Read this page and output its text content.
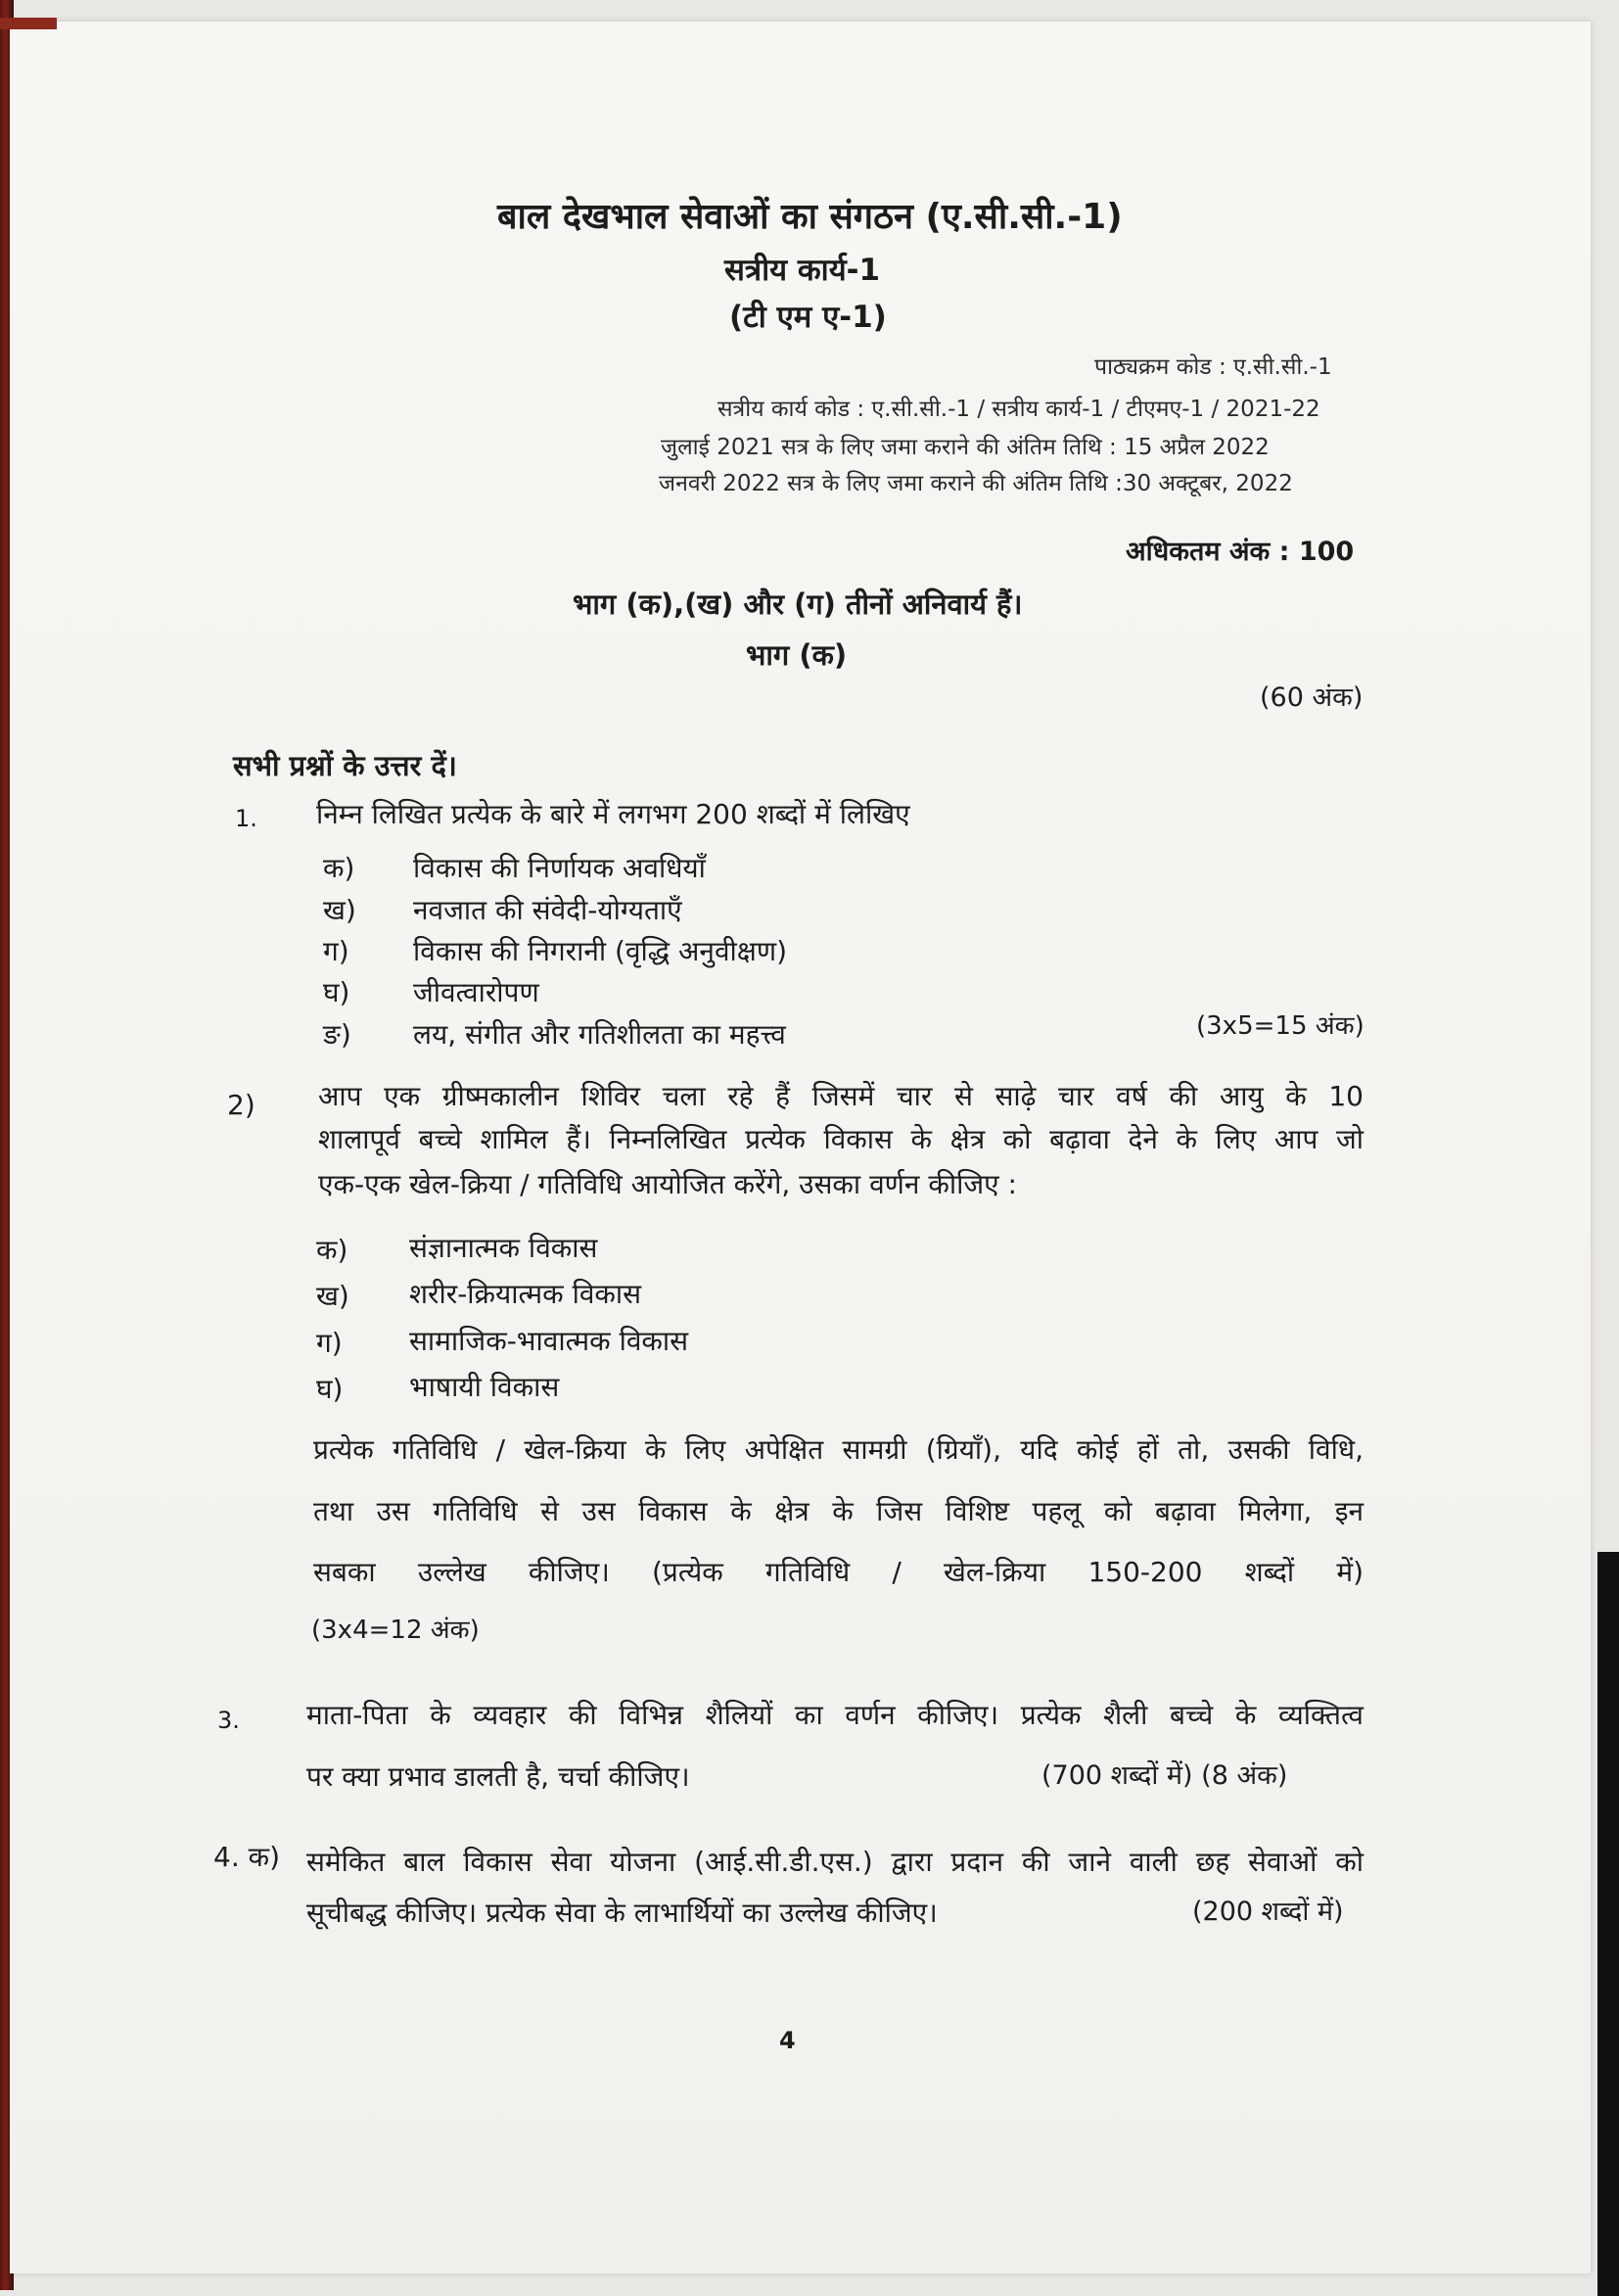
बाल देखभाल सेवाओं का संगठन (ए.सी.सी.-1)
सत्रीय कार्य-1
(टी एम ए-1)
पाठ्यक्रम कोड : ए.सी.सी.-1
सत्रीय कार्य कोड : ए.सी.सी.-1 / सत्रीय कार्य-1 / टीएमए-1 / 2021-22
जुलाई 2021 सत्र के लिए जमा कराने की अंतिम तिथि : 15 अप्रैल 2022
जनवरी 2022 सत्र के लिए जमा कराने की अंतिम तिथि :30 अक्टूबर, 2022
अधिकतम अंक : 100
भाग (क),(ख) और (ग) तीनों अनिवार्य हैं।
भाग (क)
(60 अंक)
सभी प्रश्नों के उत्तर दें।
1. निम्न लिखित प्रत्येक के बारे में लगभग 200 शब्दों में लिखिए
क) विकास की निर्णायक अवधियाँ
ख) नवजात की संवेदी-योग्यताएँ
ग) विकास की निगरानी (वृद्धि अनुवीक्षण)
घ) जीवत्वारोपण
ङ) लय, संगीत और गतिशीलता का महत्त्व	(3x5=15 अंक)
2) आप एक ग्रीष्मकालीन शिविर चला रहे हैं जिसमें चार से साढ़े चार वर्ष की आयु के 10
शालापूर्व बच्चे शामिल हैं। निम्नलिखित प्रत्येक विकास के क्षेत्र को बढ़ावा देने के लिए आप जो
एक-एक खेल-क्रिया / गतिविधि आयोजित करेंगे, उसका वर्णन कीजिए :
क) संज्ञानात्मक विकास
ख) शरीर-क्रियात्मक विकास
ग) सामाजिक-भावात्मक विकास
घ) भाषायी विकास
प्रत्येक गतिविधि / खेल-क्रिया के लिए अपेक्षित सामग्री (ग्रियाँ), यदि कोई हों तो, उसकी विधि,
तथा उस गतिविधि से उस विकास के क्षेत्र के जिस विशिष्ट पहलू को बढ़ावा मिलेगा, इन
सबका उल्लेख कीजिए। (प्रत्येक गतिविधि / खेल-क्रिया 150-200 शब्दों में)
(3x4=12 अंक)
3. माता-पिता के व्यवहार की विभिन्न शैलियों का वर्णन कीजिए। प्रत्येक शैली बच्चे के व्यक्तित्व
पर क्या प्रभाव डालती है, चर्चा कीजिए।	(700 शब्दों में) (8 अंक)
4. क) समेकित बाल विकास सेवा योजना (आई.सी.डी.एस.) द्वारा प्रदान की जाने वाली छह सेवाओं को
सूचीबद्ध कीजिए। प्रत्येक सेवा के लाभार्थियों का उल्लेख कीजिए।	(200 शब्दों में)
4
